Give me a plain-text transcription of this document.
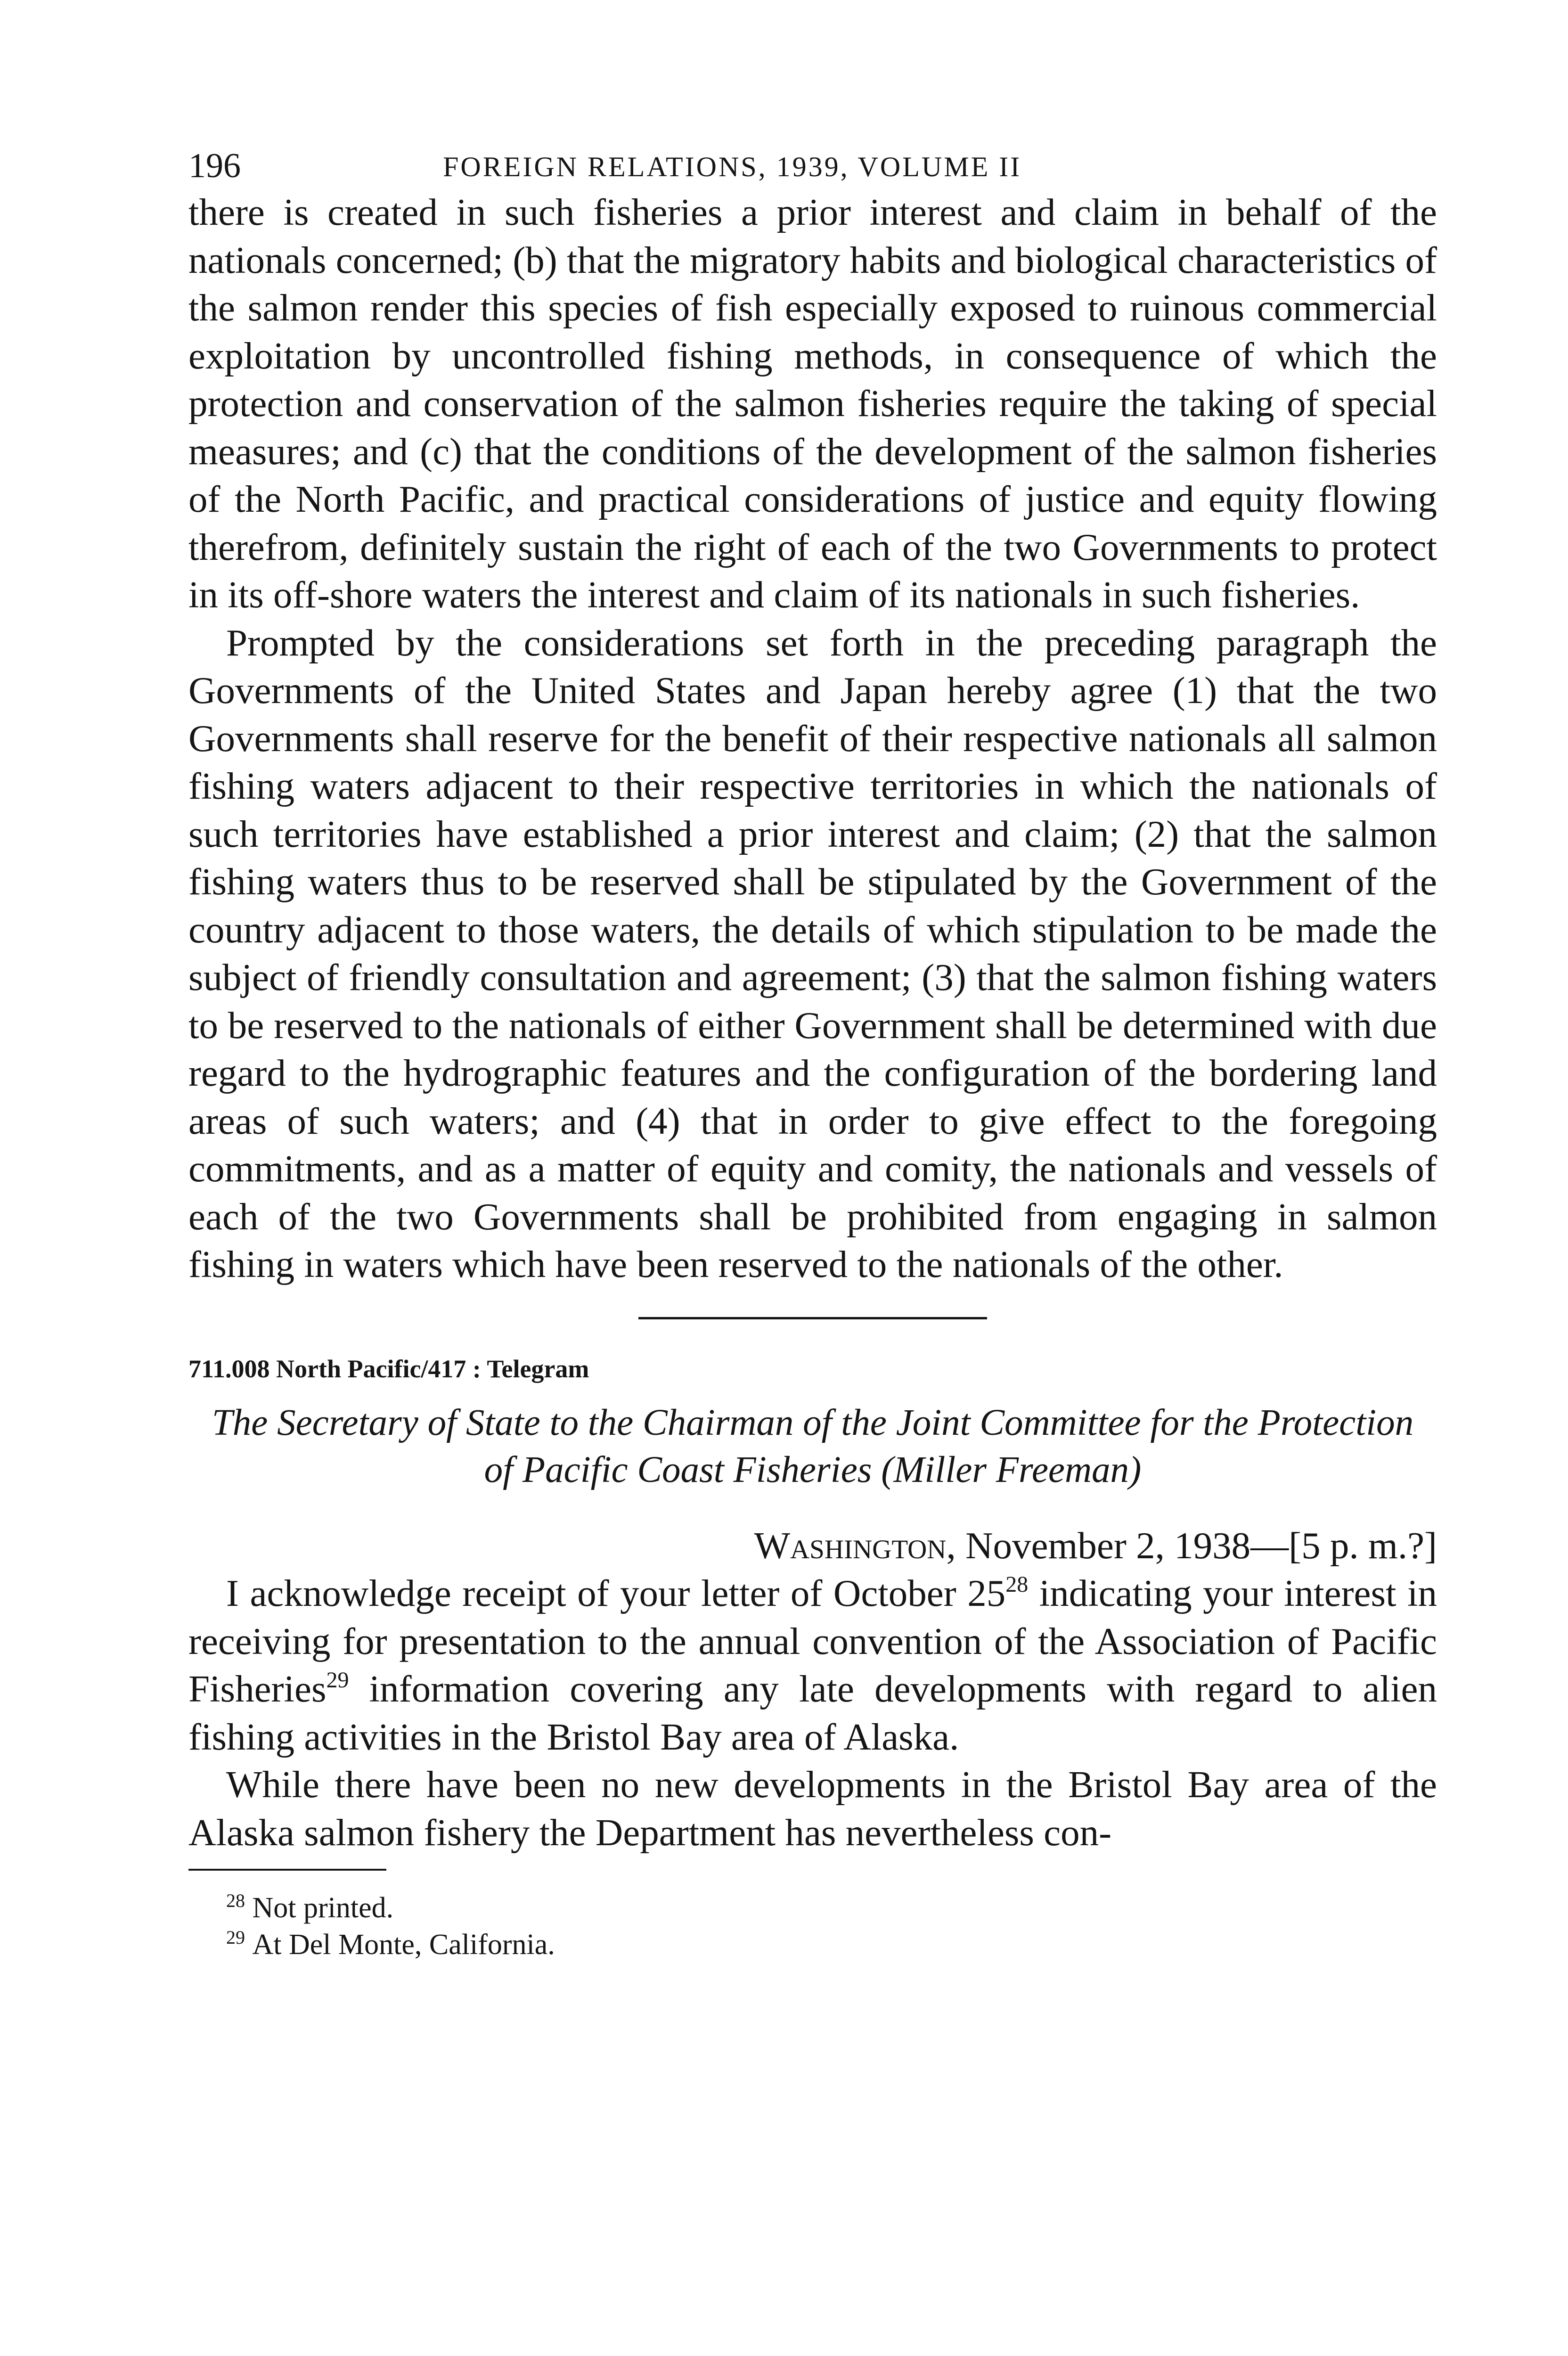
196	FOREIGN RELATIONS, 1939, VOLUME II

there is created in such fisheries a prior interest and claim in behalf of the nationals concerned; (b) that the migratory habits and biological characteristics of the salmon render this species of fish especially exposed to ruinous commercial exploitation by uncontrolled fishing methods, in consequence of which the protection and conservation of the salmon fisheries require the taking of special measures; and (c) that the conditions of the development of the salmon fisheries of the North Pacific, and practical considerations of justice and equity flowing therefrom, definitely sustain the right of each of the two Governments to protect in its off-shore waters the interest and claim of its nationals in such fisheries.

Prompted by the considerations set forth in the preceding paragraph the Governments of the United States and Japan hereby agree (1) that the two Governments shall reserve for the benefit of their respective nationals all salmon fishing waters adjacent to their respective territories in which the nationals of such territories have established a prior interest and claim; (2) that the salmon fishing waters thus to be reserved shall be stipulated by the Government of the country adjacent to those waters, the details of which stipulation to be made the subject of friendly consultation and agreement; (3) that the salmon fishing waters to be reserved to the nationals of either Government shall be determined with due regard to the hydrographic features and the configuration of the bordering land areas of such waters; and (4) that in order to give effect to the foregoing commitments, and as a matter of equity and comity, the nationals and vessels of each of the two Governments shall be prohibited from engaging in salmon fishing in waters which have been reserved to the nationals of the other.

711.008 North Pacific/417 : Telegram

The Secretary of State to the Chairman of the Joint Committee for the Protection of Pacific Coast Fisheries (Miller Freeman)

Washington, November 2, 1938—[5 p. m.?]

I acknowledge receipt of your letter of October $25^{28}$ indicating your interest in receiving for presentation to the annual convention of the Association of Pacific Fisheries$^{29}$ information covering any late developments with regard to alien fishing activities in the Bristol Bay area of Alaska.

While there have been no new developments in the Bristol Bay area of the Alaska salmon fishery the Department has nevertheless con-

$^{28}$ Not printed.

$^{29}$ At Del Monte, California.
